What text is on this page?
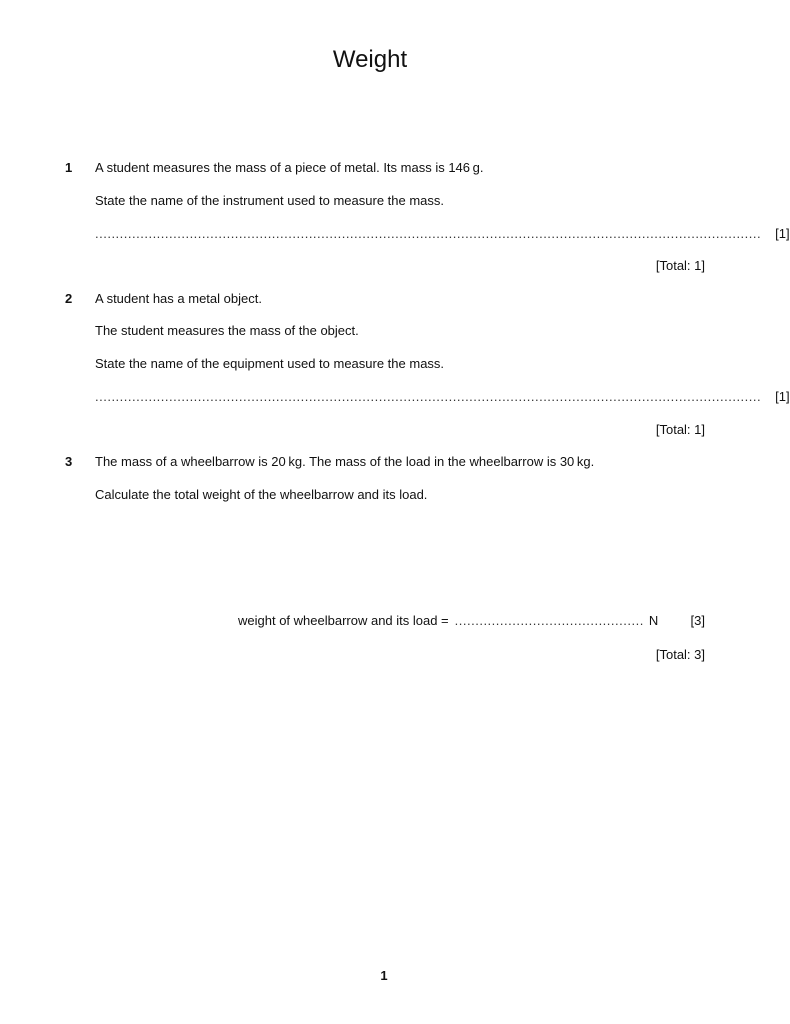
Weight
1 A student measures the mass of a piece of metal. Its mass is 146 g.
State the name of the instrument used to measure the mass.
..................................................................................................................................................................	[1]
[Total: 1]
2 A student has a metal object.
The student measures the mass of the object.
State the name of the equipment used to measure the mass.
..................................................................................................................................................................	[1]
[Total: 1]
3 The mass of a wheelbarrow is 20 kg. The mass of the load in the wheelbarrow is 30 kg.
Calculate the total weight of the wheelbarrow and its load.
weight of wheelbarrow and its load = .............................................. N	[3]
[Total: 3]
1
